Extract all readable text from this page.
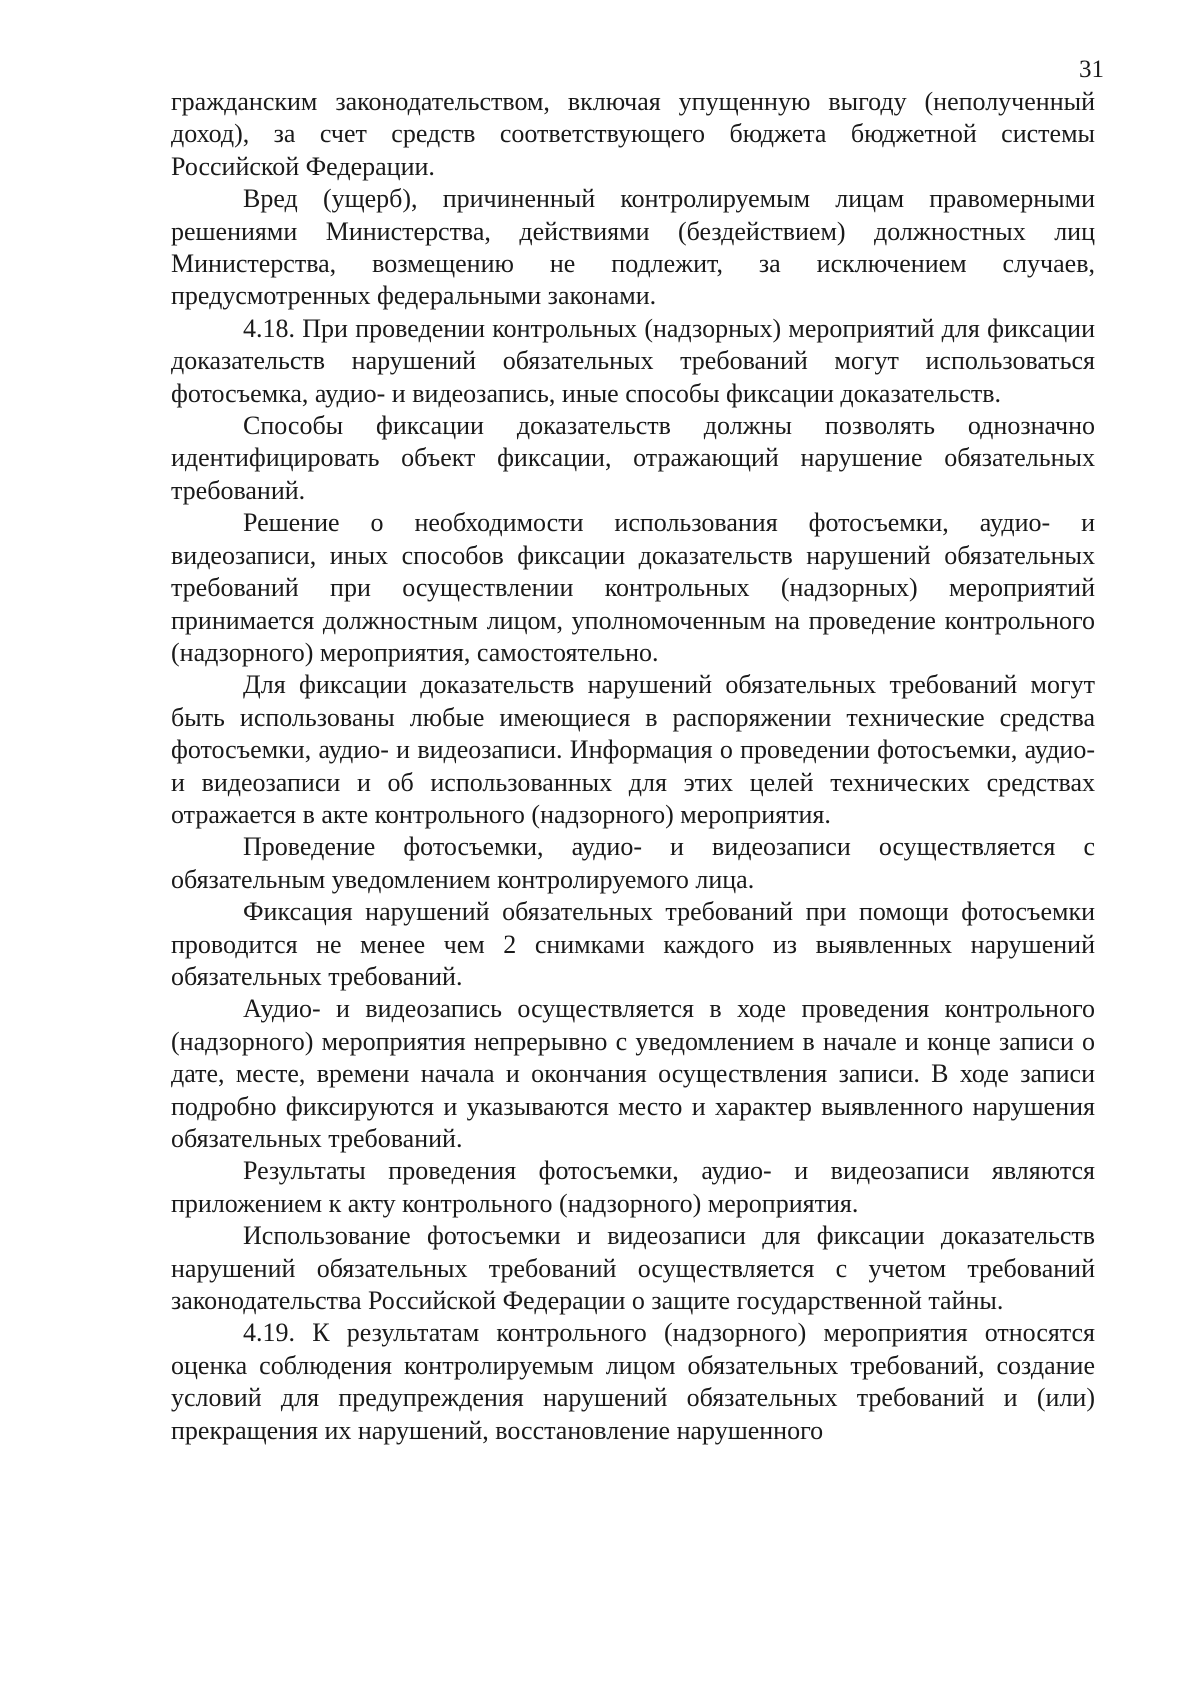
31

гражданским законодательством, включая упущенную выгоду (неполученный доход), за счет средств соответствующего бюджета бюджетной системы Российской Федерации.

Вред (ущерб), причиненный контролируемым лицам правомерными решениями Министерства, действиями (бездействием) должностных лиц Министерства, возмещению не подлежит, за исключением случаев, предусмотренных федеральными законами.

4.18. При проведении контрольных (надзорных) мероприятий для фиксации доказательств нарушений обязательных требований могут использоваться фотосъемка, аудио- и видеозапись, иные способы фиксации доказательств.

Способы фиксации доказательств должны позволять однозначно идентифицировать объект фиксации, отражающий нарушение обязательных требований.

Решение о необходимости использования фотосъемки, аудио- и видеозаписи, иных способов фиксации доказательств нарушений обязательных требований при осуществлении контрольных (надзорных) мероприятий принимается должностным лицом, уполномоченным на проведение контрольного (надзорного) мероприятия, самостоятельно.

Для фиксации доказательств нарушений обязательных требований могут быть использованы любые имеющиеся в распоряжении технические средства фотосъемки, аудио- и видеозаписи. Информация о проведении фотосъемки, аудио- и видеозаписи и об использованных для этих целей технических средствах отражается в акте контрольного (надзорного) мероприятия.

Проведение фотосъемки, аудио- и видеозаписи осуществляется с обязательным уведомлением контролируемого лица.

Фиксация нарушений обязательных требований при помощи фотосъемки проводится не менее чем 2 снимками каждого из выявленных нарушений обязательных требований.

Аудио- и видеозапись осуществляется в ходе проведения контрольного (надзорного) мероприятия непрерывно с уведомлением в начале и конце записи о дате, месте, времени начала и окончания осуществления записи. В ходе записи подробно фиксируются и указываются место и характер выявленного нарушения обязательных требований.

Результаты проведения фотосъемки, аудио- и видеозаписи являются приложением к акту контрольного (надзорного) мероприятия.

Использование фотосъемки и видеозаписи для фиксации доказательств нарушений обязательных требований осуществляется с учетом требований законодательства Российской Федерации о защите государственной тайны.

4.19. К результатам контрольного (надзорного) мероприятия относятся оценка соблюдения контролируемым лицом обязательных требований, создание условий для предупреждения нарушений обязательных требований и (или) прекращения их нарушений, восстановление нарушенного
